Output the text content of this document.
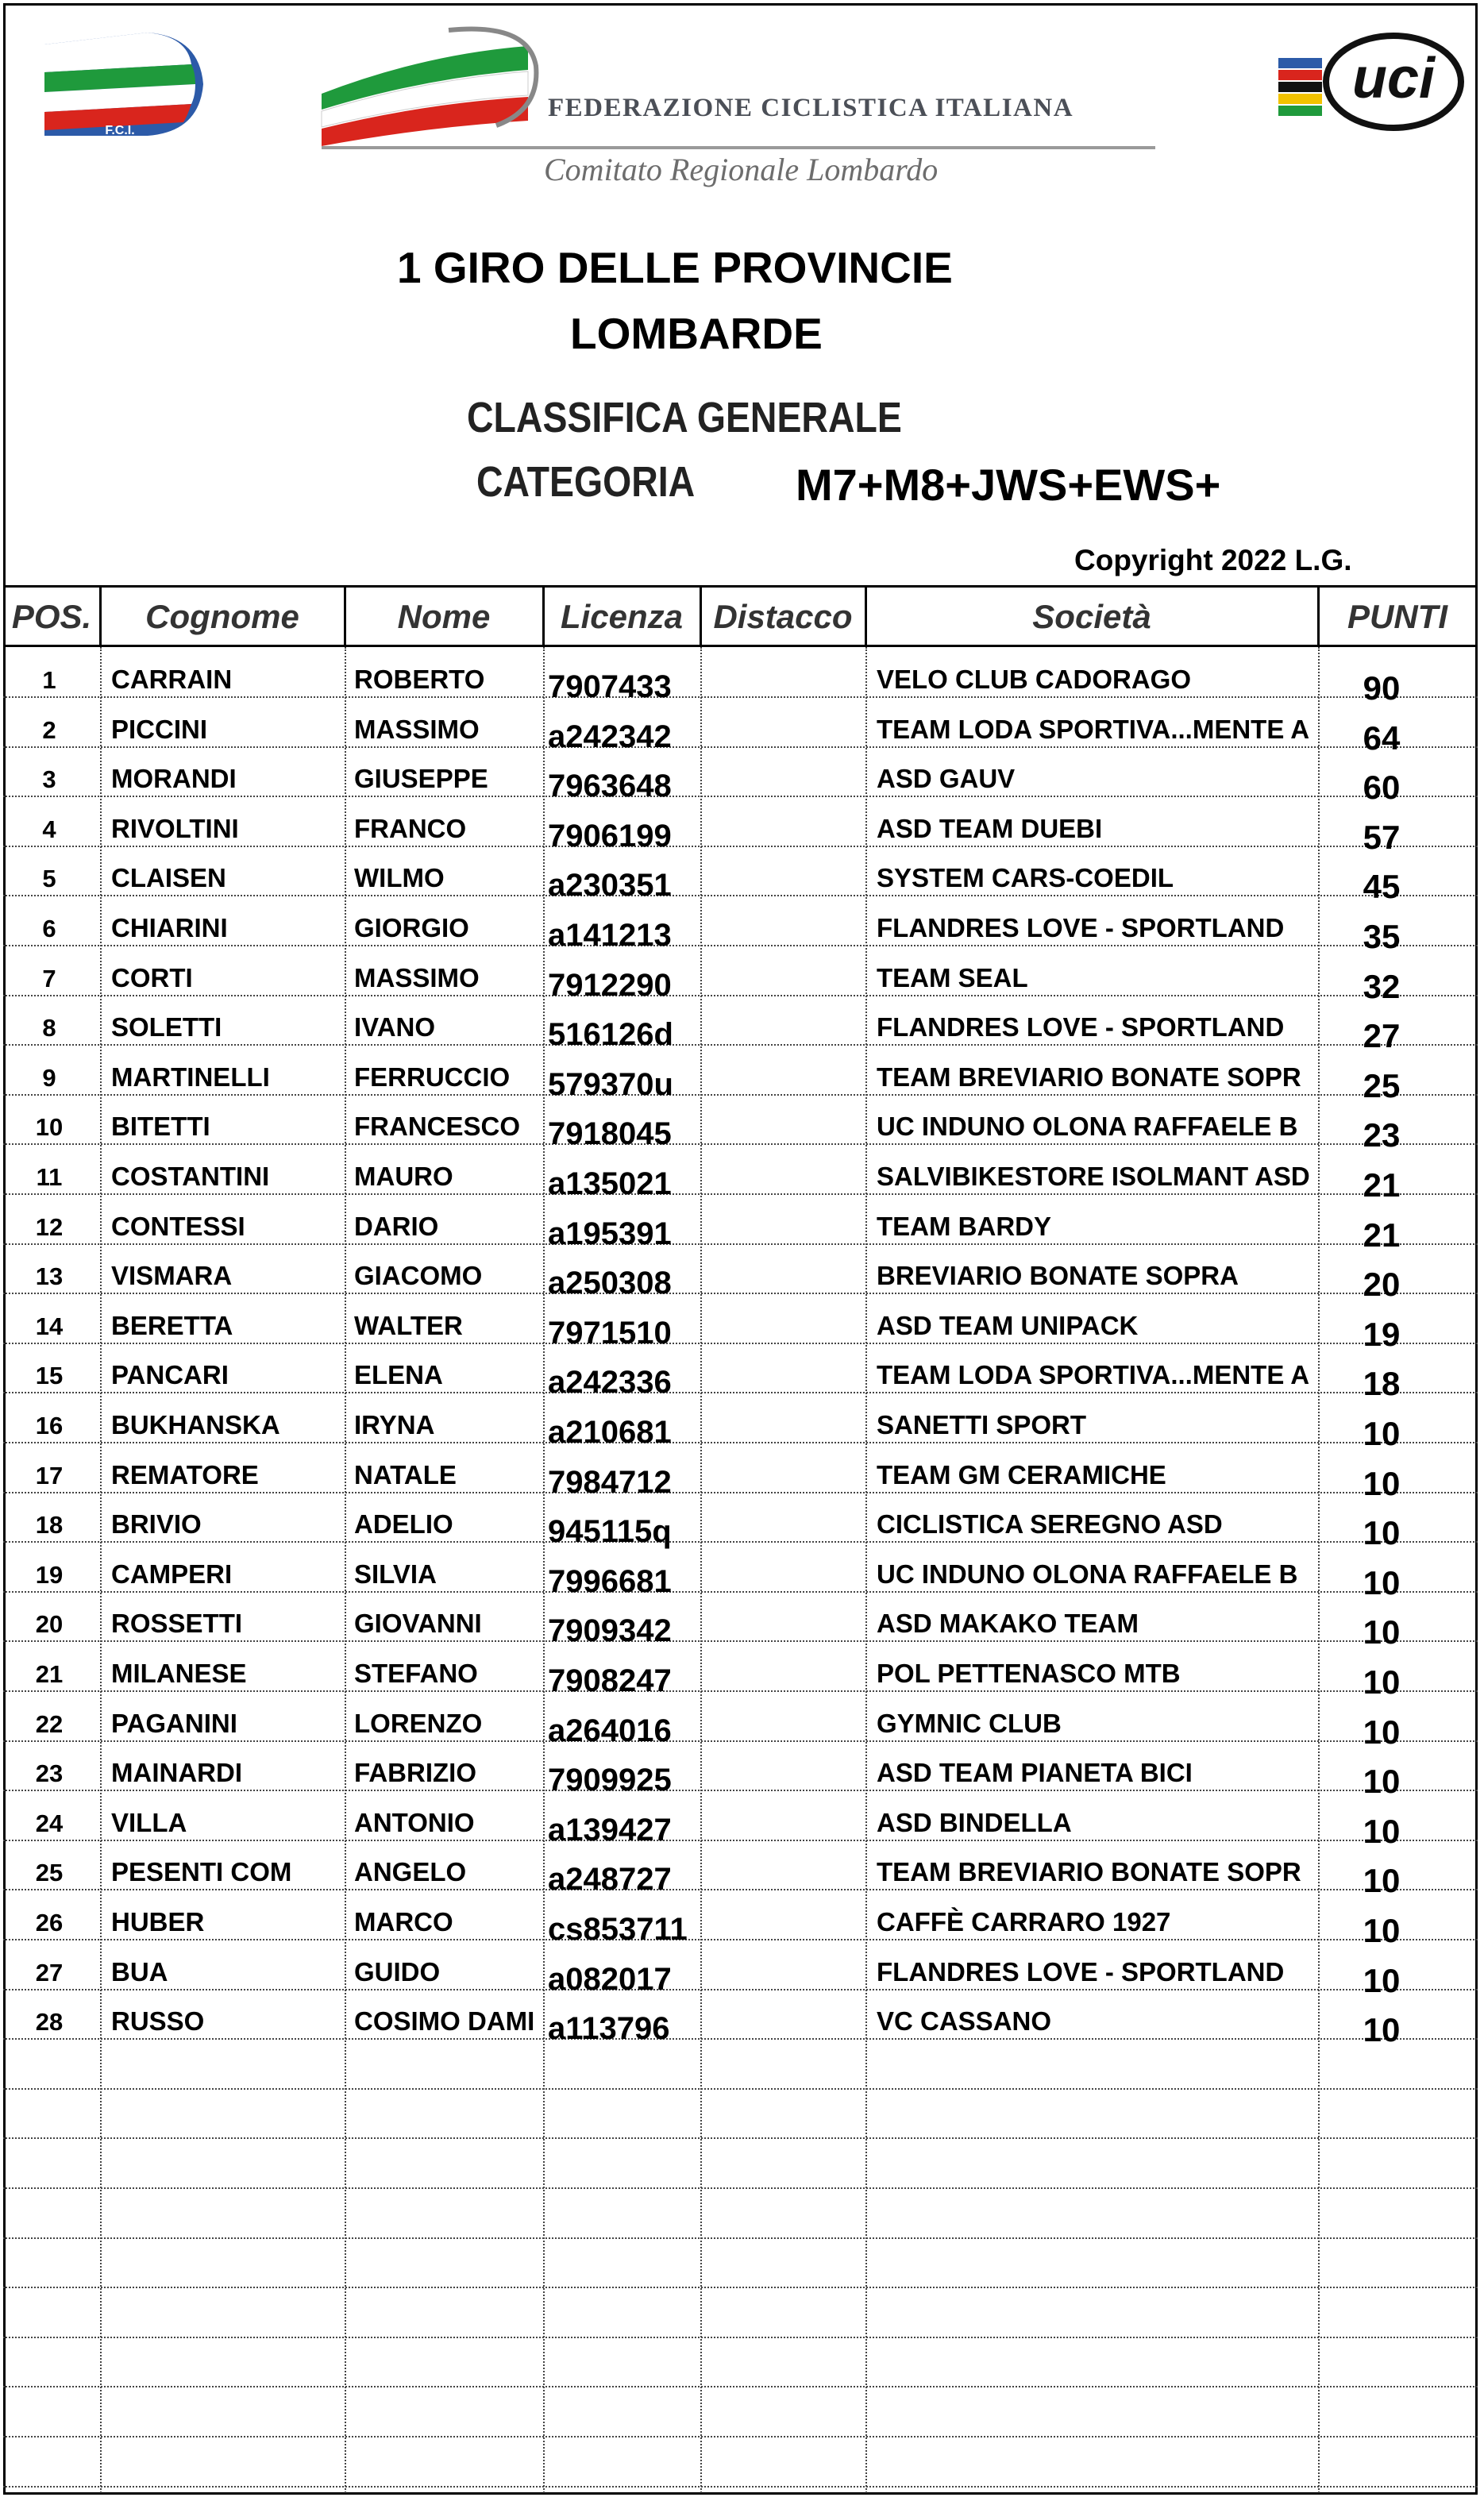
F.C.I.
FEDERAZIONE CICLISTICA ITALIANA
Comitato Regionale Lombardo
uci
1 GIRO DELLE PROVINCIE
LOMBARDE
CLASSIFICA GENERALE
CATEGORIA M7+M8+JWS+EWS+
Copyright 2022 L.G.
POS.	Cognome	Nome	Licenza Distacco	Società	PUNTI
1	CARRAIN	ROBERTO	7907433	VELO CLUB CADORAGO	90
2	PICCINI	MASSIMO	a242342	TEAM LODA SPORTIVA...MENTE A	64
3	MORANDI	GIUSEPPE	7963648	ASD GAUV	60
4	RIVOLTINI	FRANCO	7906199	ASD TEAM DUEBI	57
5	CLAISEN	WILMO	a230351	SYSTEM CARS-COEDIL	45
6	CHIARINI	GIORGIO	a141213	FLANDRES LOVE - SPORTLAND	35
7	CORTI	MASSIMO	7912290	TEAM SEAL	32
8	SOLETTI	IVANO	516126d	FLANDRES LOVE - SPORTLAND	27
9	MARTINELLI	FERRUCCIO	579370u	TEAM BREVIARIO BONATE SOPR	25
10	BITETTI	FRANCESCO 7918045	UC INDUNO OLONA RAFFAELE B	23
11	COSTANTINI	MAURO	a135021	SALVIBIKESTORE ISOLMANT ASD	21
12	CONTESSI	DARIO	a195391	TEAM BARDY	21
13	VISMARA	GIACOMO	a250308	BREVIARIO BONATE SOPRA	20
14	BERETTA	WALTER	7971510	ASD TEAM UNIPACK	19
15	PANCARI	ELENA	a242336	TEAM LODA SPORTIVA...MENTE A	18
16	BUKHANSKA	IRYNA	a210681	SANETTI SPORT	10
17	REMATORE	NATALE	7984712	TEAM GM CERAMICHE	10
18	BRIVIO	ADELIO	945115q	CICLISTICA SEREGNO ASD	10
19	CAMPERI	SILVIA	7996681	UC INDUNO OLONA RAFFAELE B	10
20	ROSSETTI	GIOVANNI	7909342	ASD MAKAKO TEAM	10
21	MILANESE	STEFANO	7908247	POL PETTENASCO MTB	10
22	PAGANINI	LORENZO	a264016	GYMNIC CLUB	10
23	MAINARDI	FABRIZIO	7909925	ASD TEAM PIANETA BICI	10
24	VILLA	ANTONIO	a139427	ASD BINDELLA	10
25	PESENTI COM	ANGELO	a248727	TEAM BREVIARIO BONATE SOPR	10
26	HUBER	MARCO	cs853711	CAFFÈ CARRARO 1927	10
27	BUA	GUIDO	a082017	FLANDRES LOVE - SPORTLAND	10
28	RUSSO	COSIMO DAMI a113796	VC CASSANO	10
